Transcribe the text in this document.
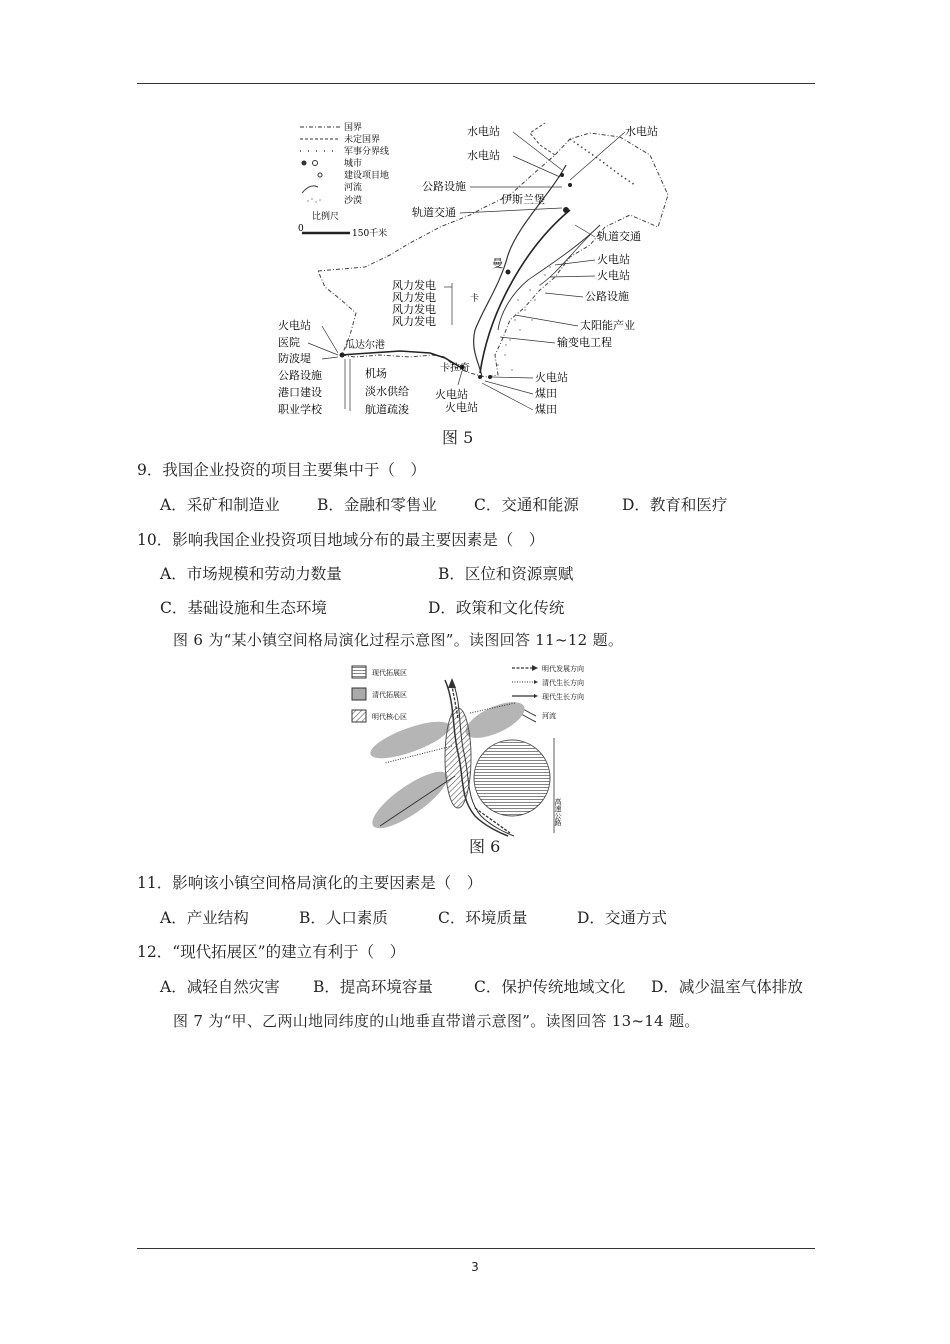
国界
未定国界
军事分界线
城市
建设项目地
河流
沙漠
比例尺
0	150千米
水电站	水电站
水电站
公路设施
伊斯兰堡
轨道交通
轨道交通
曼	火电站
火电站
公路设施
风力发电
风力发电
风力发电
风力发电
卡
太阳能产业
输变电工程
火电站
医院
防波堤
瓜达尔港
机场
淡水供给
公路设施
港口建设
职业学校	航道疏浚
卡拉奇
火电站
火电站
火电站
煤田
煤田
图 5
9．我国企业投资的项目主要集中于（　）
A．采矿和制造业 B．金融和零售业 C．交通和能源	D．教育和医疗
10．影响我国企业投资项目地域分布的最主要因素是（　）
A．市场规模和劳动力数量	B．区位和资源禀赋
C．基础设施和生态环境	D．政策和文化传统
图 6 为“某小镇空间格局演化过程示意图”。读图回答 11~12 题。
现代拓展区
清代拓展区
明代核心区
明代发展方向
清代生长方向
现代生长方向
河流
高速公路
图 6
11．影响该小镇空间格局演化的主要因素是（　）
A．产业结构	B．人口素质	C．环境质量	D．交通方式
12．“现代拓展区”的建立有利于（　）
A．减轻自然灾害 B．提高环境容量	C．保护传统地域文化 D．减少温室气体排放
图 7 为“甲、乙两山地同纬度的山地垂直带谱示意图”。读图回答 13~14 题。
3
